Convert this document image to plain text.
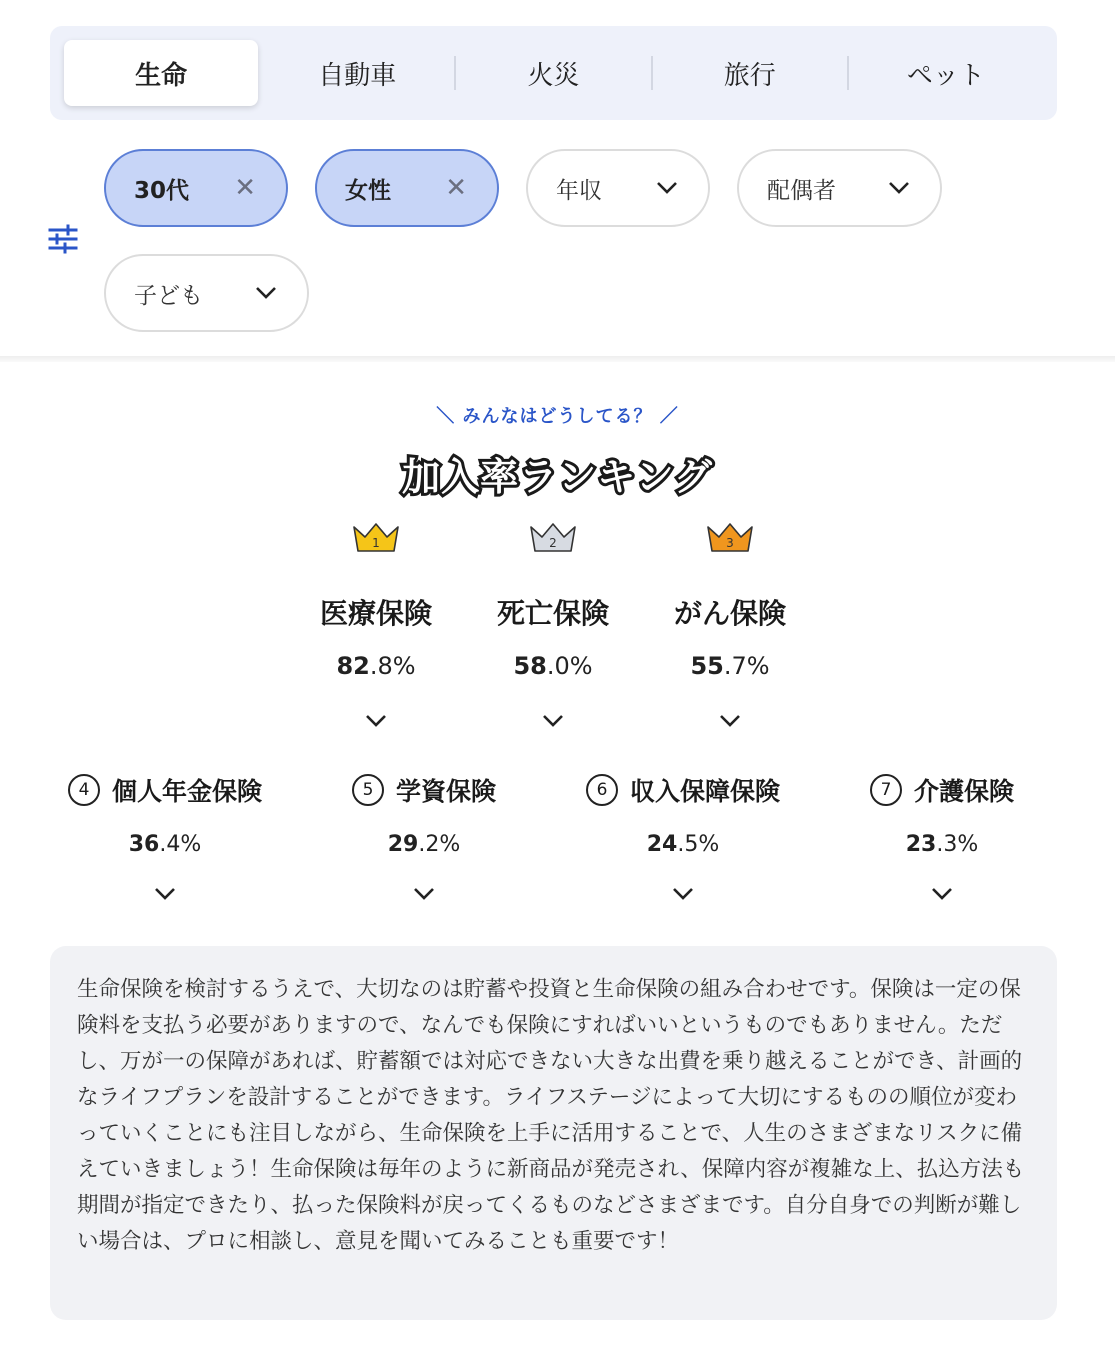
生命	自動車	火災	旅行	ペット
30代 ✕	女性 ✕	年収	配偶者
子ども
＼ みんなはどうしてる？ ／
加入率ランキング
1
医療保険
82.8%
2
死亡保険
58.0%
3
がん保険
55.7%
4 個人年金保険
36.4%
5 学資保険
29.2%
6 収入保障保険
24.5%
7 介護保険
23.3%
生命保険を検討するうえで、大切なのは貯蓄や投資と生命保険の組み合わせです。保険は一定の保険料を支払う必要がありますので、なんでも保険にすればいいというものでもありません。ただし、万が一の保障があれば、貯蓄額では対応できない大きな出費を乗り越えることができ、計画的なライフプランを設計することができます。ライフステージによって大切にするものの順位が変わっていくことにも注目しながら、生命保険を上手に活用することで、人生のさまざまなリスクに備えていきましょう！生命保険は毎年のように新商品が発売され、保障内容が複雑な上、払込方法も期間が指定できたり、払った保険料が戻ってくるものなどさまざまです。自分自身での判断が難しい場合は、プロに相談し、意見を聞いてみることも重要です！
